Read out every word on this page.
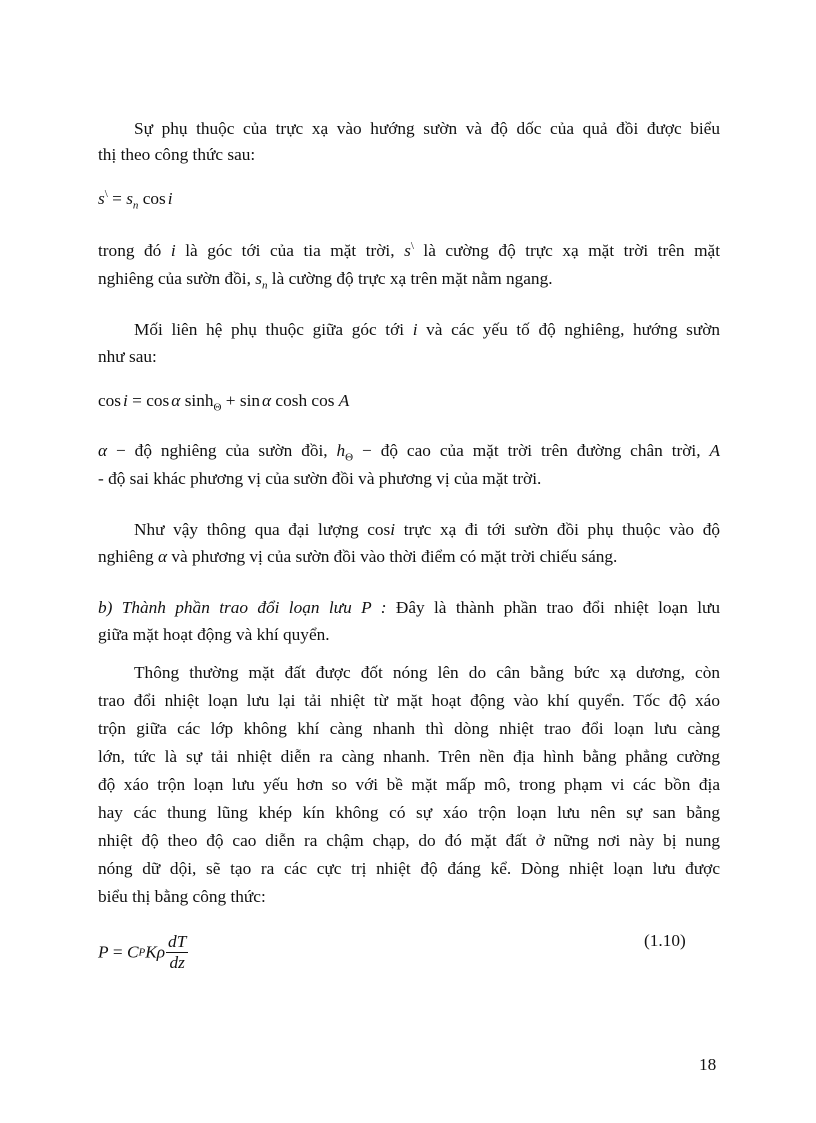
Sự phụ thuộc của trực xạ vào hướng sườn và độ dốc của quả đồi được biểu
thị theo công thức sau:
$s^\backslash = s_n$ cos i
trong đó i là góc tới của tia mặt trời, s\ là cường độ trực xạ mặt trời trên mặt
nghiêng của sườn đồi, $s_n$ là cường độ trực xạ trên mặt nằm ngang.
Mối liên hệ phụ thuộc giữa góc tới i và các yếu tố độ nghiêng, hướng sườn
như sau:
cos i = cos α $\sinh_\Theta + \sin \alpha$ cosh cos A
α − độ nghiêng của sườn đồi, $h_\Theta$ − độ cao của mặt trời trên đường chân trời, A
- độ sai khác phương vị của sườn đồi và phương vị của mặt trời.
Như vậy thông qua đại lượng cosi trực xạ đi tới sườn đồi phụ thuộc vào độ
nghiêng α và phương vị của sườn đồi vào thời điểm có mặt trời chiếu sáng.
b) Thành phần trao đổi loạn lưu P : Đây là thành phần trao đổi nhiệt loạn lưu
giữa mặt hoạt động và khí quyển.
Thông thường mặt đất được đốt nóng lên do cân bằng bức xạ dương, còn
trao đổi nhiệt loạn lưu lại tải nhiệt từ mặt hoạt động vào khí quyển. Tốc độ xáo
trộn giữa các lớp không khí càng nhanh thì dòng nhiệt trao đổi loạn lưu càng
lớn, tức là sự tải nhiệt diễn ra càng nhanh. Trên nền địa hình bằng phẳng cường
độ xáo trộn loạn lưu yếu hơn so với bề mặt mấp mô, trong phạm vi các bồn địa
hay các thung lũng khép kín không có sự xáo trộn loạn lưu nên sự san bằng
nhiệt độ theo độ cao diễn ra chậm chạp, do đó mặt đất ở nững nơi này bị nung
nóng dữ dội, sẽ tạo ra các cực trị nhiệt độ đáng kể. Dòng nhiệt loạn lưu được
biểu thị bằng công thức:
P = CPKρ $\frac{dT}{dz}$	(1.10)
18
